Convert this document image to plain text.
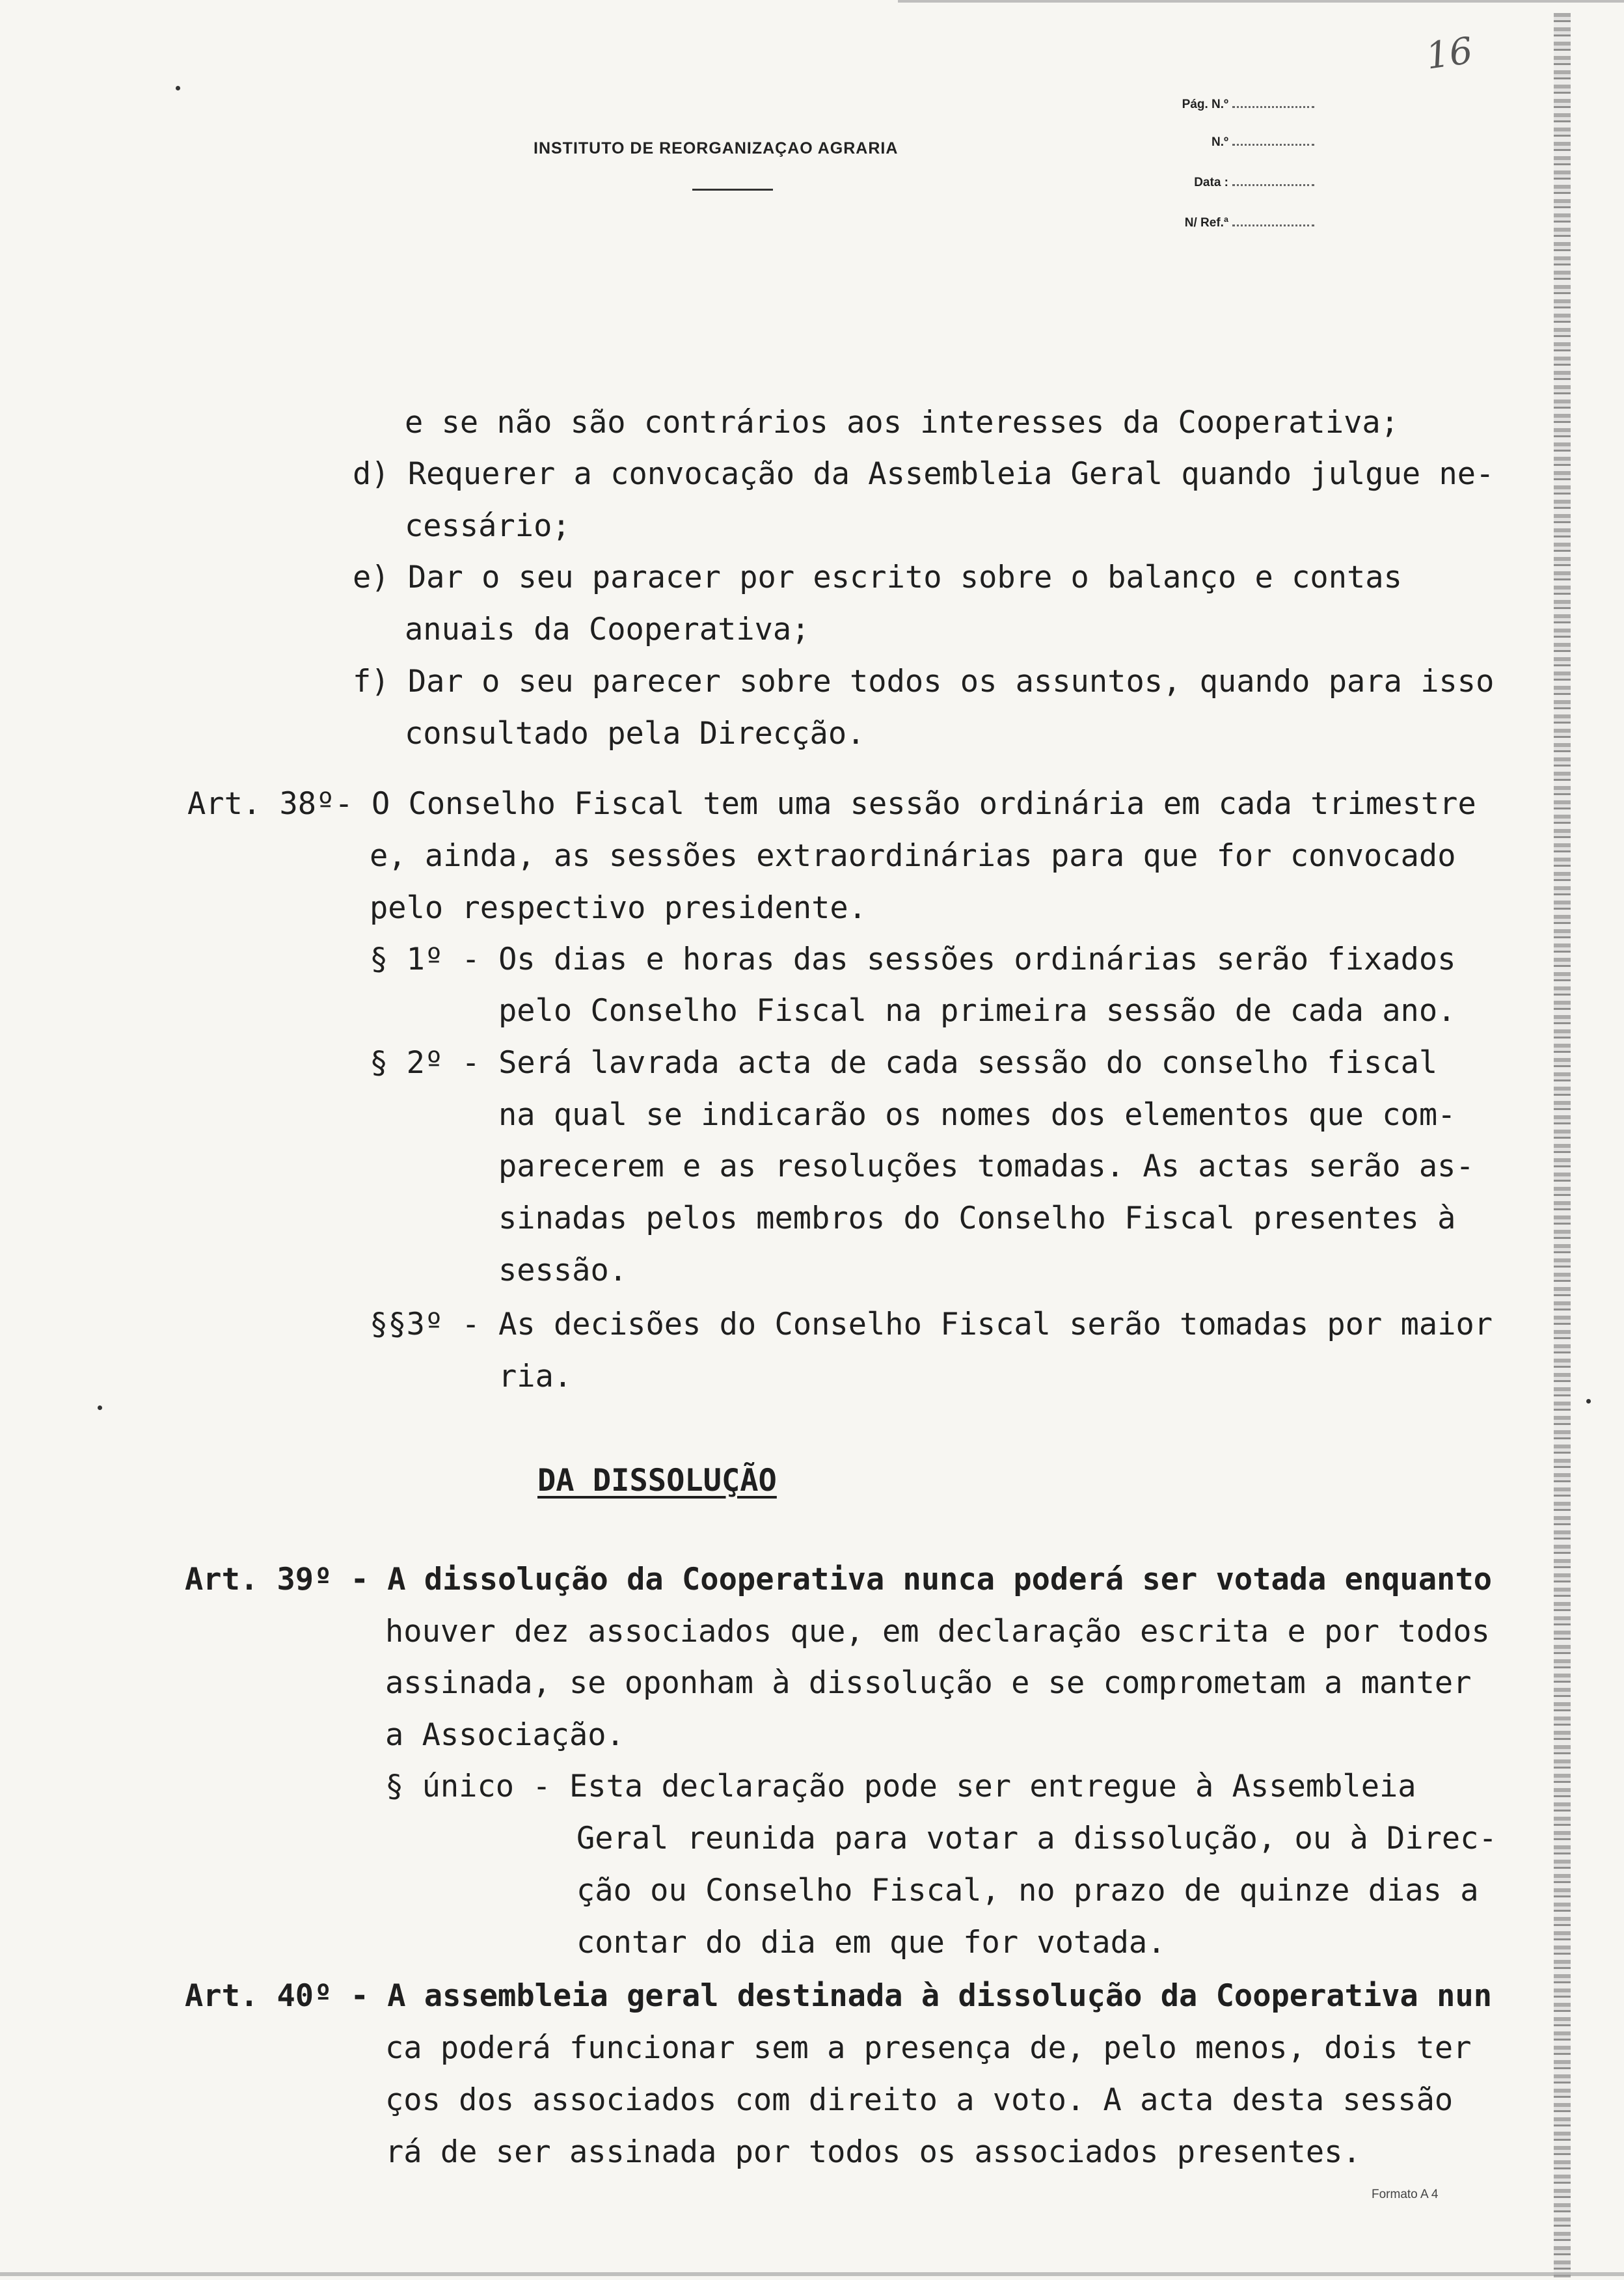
INSTITUTO DE REORGANIZAÇAO AGRARIA
16
Pág. N.º
N.º
Data :
N/ Ref.ª
e se não são contrários aos interesses da Cooperativa;
d) Requerer a convocação da Assembleia Geral quando julgue ne-
cessário;
e) Dar o seu paracer por escrito sobre o balanço e contas
anuais da Cooperativa;
f) Dar o seu parecer sobre todos os assuntos, quando para isso
consultado pela Direcção.
Art. 38º- O Conselho Fiscal tem uma sessão ordinária em cada trimestre
e, ainda, as sessões extraordinárias para que for convocado
pelo respectivo presidente.
§ 1º - Os dias e horas das sessões ordinárias serão fixados
pelo Conselho Fiscal na primeira sessão de cada ano.
§ 2º - Será lavrada acta de cada sessão do conselho fiscal
na qual se indicarão os nomes dos elementos que com-
parecerem e as resoluções tomadas. As actas serão as-
sinadas pelos membros do Conselho Fiscal presentes à
sessão.
§§3º - As decisões do Conselho Fiscal serão tomadas por maior
ria.
DA DISSOLUÇÃO
Art. 39º - A dissolução da Cooperativa nunca poderá ser votada enquanto
houver dez associados que, em declaração escrita e por todos
assinada, se oponham à dissolução e se comprometam a manter
a Associação.
§ único - Esta declaração pode ser entregue à Assembleia
Geral reunida para votar a dissolução, ou à Direc-
ção ou Conselho Fiscal, no prazo de quinze dias a
contar do dia em que for votada.
Art. 40º - A assembleia geral destinada à dissolução da Cooperativa nun
ca poderá funcionar sem a presença de, pelo menos, dois ter
ços dos associados com direito a voto. A acta desta sessão
rá de ser assinada por todos os associados presentes.
Formato A 4
